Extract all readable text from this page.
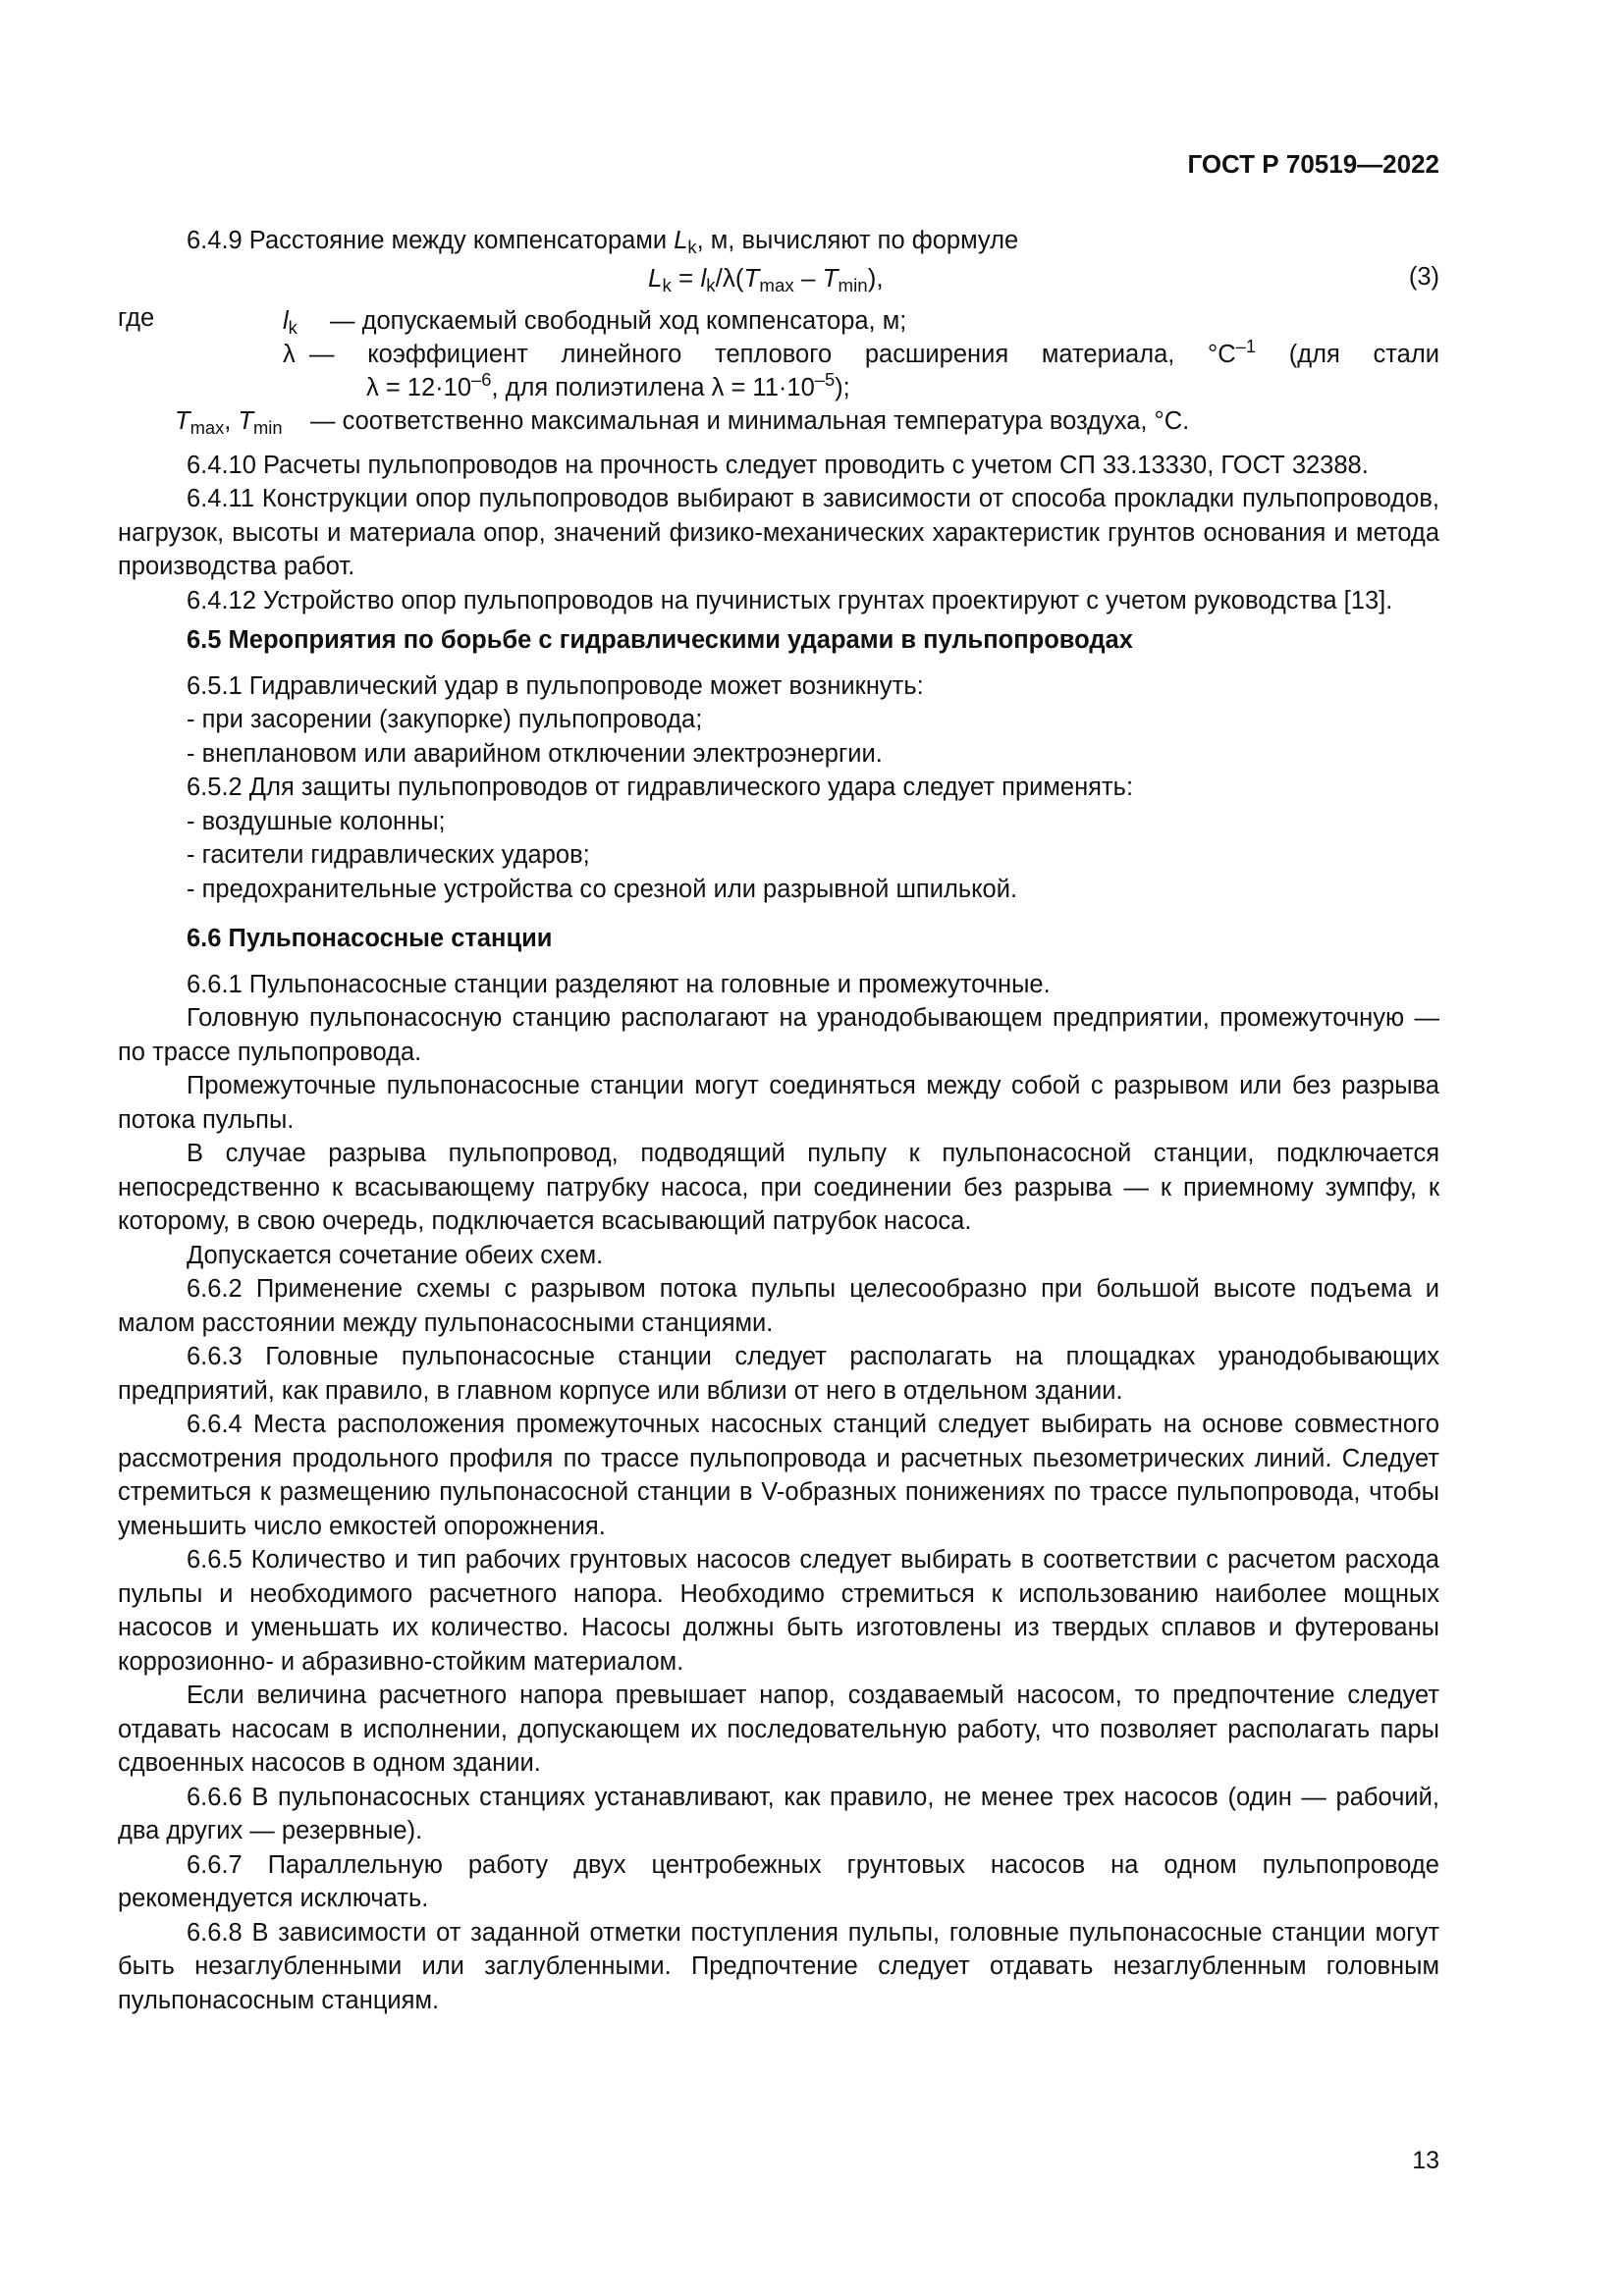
ГОСТ Р 70519—2022

6.4.9 Расстояние между компенсаторами $L_k$, м, вычисляют по формуле

$L_k = l_k/\lambda(T_{max} - T_{min})$,	(3)
где	$l_k$ — допускаемый свободный ход компенсатора, м;
λ — коэффициент линейного теплового расширения материала, $^\circ С^{-1}$ (для стали
$\lambda = 12\cdot 10^{-6}$, для полиэтилена $\lambda = 11\cdot 10^{-5}$);
$T_{max}$, $T_{min}$ — соответственно максимальная и минимальная температура воздуха, °С.

6.4.10 Расчеты пульпопроводов на прочность следует проводить с учетом СП 33.13330, ГОСТ 32388.

6.4.11 Конструкции опор пульпопроводов выбирают в зависимости от способа прокладки пульпопроводов, нагрузок, высоты и материала опор, значений физико-механических характеристик грунтов основания и метода производства работ.

6.4.12 Устройство опор пульпопроводов на пучинистых грунтах проектируют с учетом руководства [13].

6.5 Мероприятия по борьбе с гидравлическими ударами в пульпопроводах

6.5.1 Гидравлический удар в пульпопроводе может возникнуть:

- при засорении (закупорке) пульпопровода;

- внеплановом или аварийном отключении электроэнергии.

6.5.2 Для защиты пульпопроводов от гидравлического удара следует применять:

- воздушные колонны;

- гасители гидравлических ударов;

- предохранительные устройства со срезной или разрывной шпилькой.

6.6 Пульпонасосные станции

6.6.1 Пульпонасосные станции разделяют на головные и промежуточные.

Головную пульпонасосную станцию располагают на уранодобывающем предприятии, промежуточную — по трассе пульпопровода.

Промежуточные пульпонасосные станции могут соединяться между собой с разрывом или без разрыва потока пульпы.

В случае разрыва пульпопровод, подводящий пульпу к пульпонасосной станции, подключается непосредственно к всасывающему патрубку насоса, при соединении без разрыва — к приемному зумпфу, к которому, в свою очередь, подключается всасывающий патрубок насоса.

Допускается сочетание обеих схем.

6.6.2 Применение схемы с разрывом потока пульпы целесообразно при большой высоте подъема и малом расстоянии между пульпонасосными станциями.

6.6.3 Головные пульпонасосные станции следует располагать на площадках уранодобывающих предприятий, как правило, в главном корпусе или вблизи от него в отдельном здании.

6.6.4 Места расположения промежуточных насосных станций следует выбирать на основе совместного рассмотрения продольного профиля по трассе пульпопровода и расчетных пьезометрических линий. Следует стремиться к размещению пульпонасосной станции в V-образных понижениях по трассе пульпопровода, чтобы уменьшить число емкостей опорожнения.

6.6.5 Количество и тип рабочих грунтовых насосов следует выбирать в соответствии с расчетом расхода пульпы и необходимого расчетного напора. Необходимо стремиться к использованию наиболее мощных насосов и уменьшать их количество. Насосы должны быть изготовлены из твердых сплавов и футерованы коррозионно- и абразивно-стойким материалом.

Если величина расчетного напора превышает напор, создаваемый насосом, то предпочтение следует отдавать насосам в исполнении, допускающем их последовательную работу, что позволяет располагать пары сдвоенных насосов в одном здании.

6.6.6 В пульпонасосных станциях устанавливают, как правило, не менее трех насосов (один — рабочий, два других — резервные).

6.6.7 Параллельную работу двух центробежных грунтовых насосов на одном пульпопроводе рекомендуется исключать.

6.6.8 В зависимости от заданной отметки поступления пульпы, головные пульпонасосные станции могут быть незаглубленными или заглубленными. Предпочтение следует отдавать незаглубленным головным пульпонасосным станциям.

13
